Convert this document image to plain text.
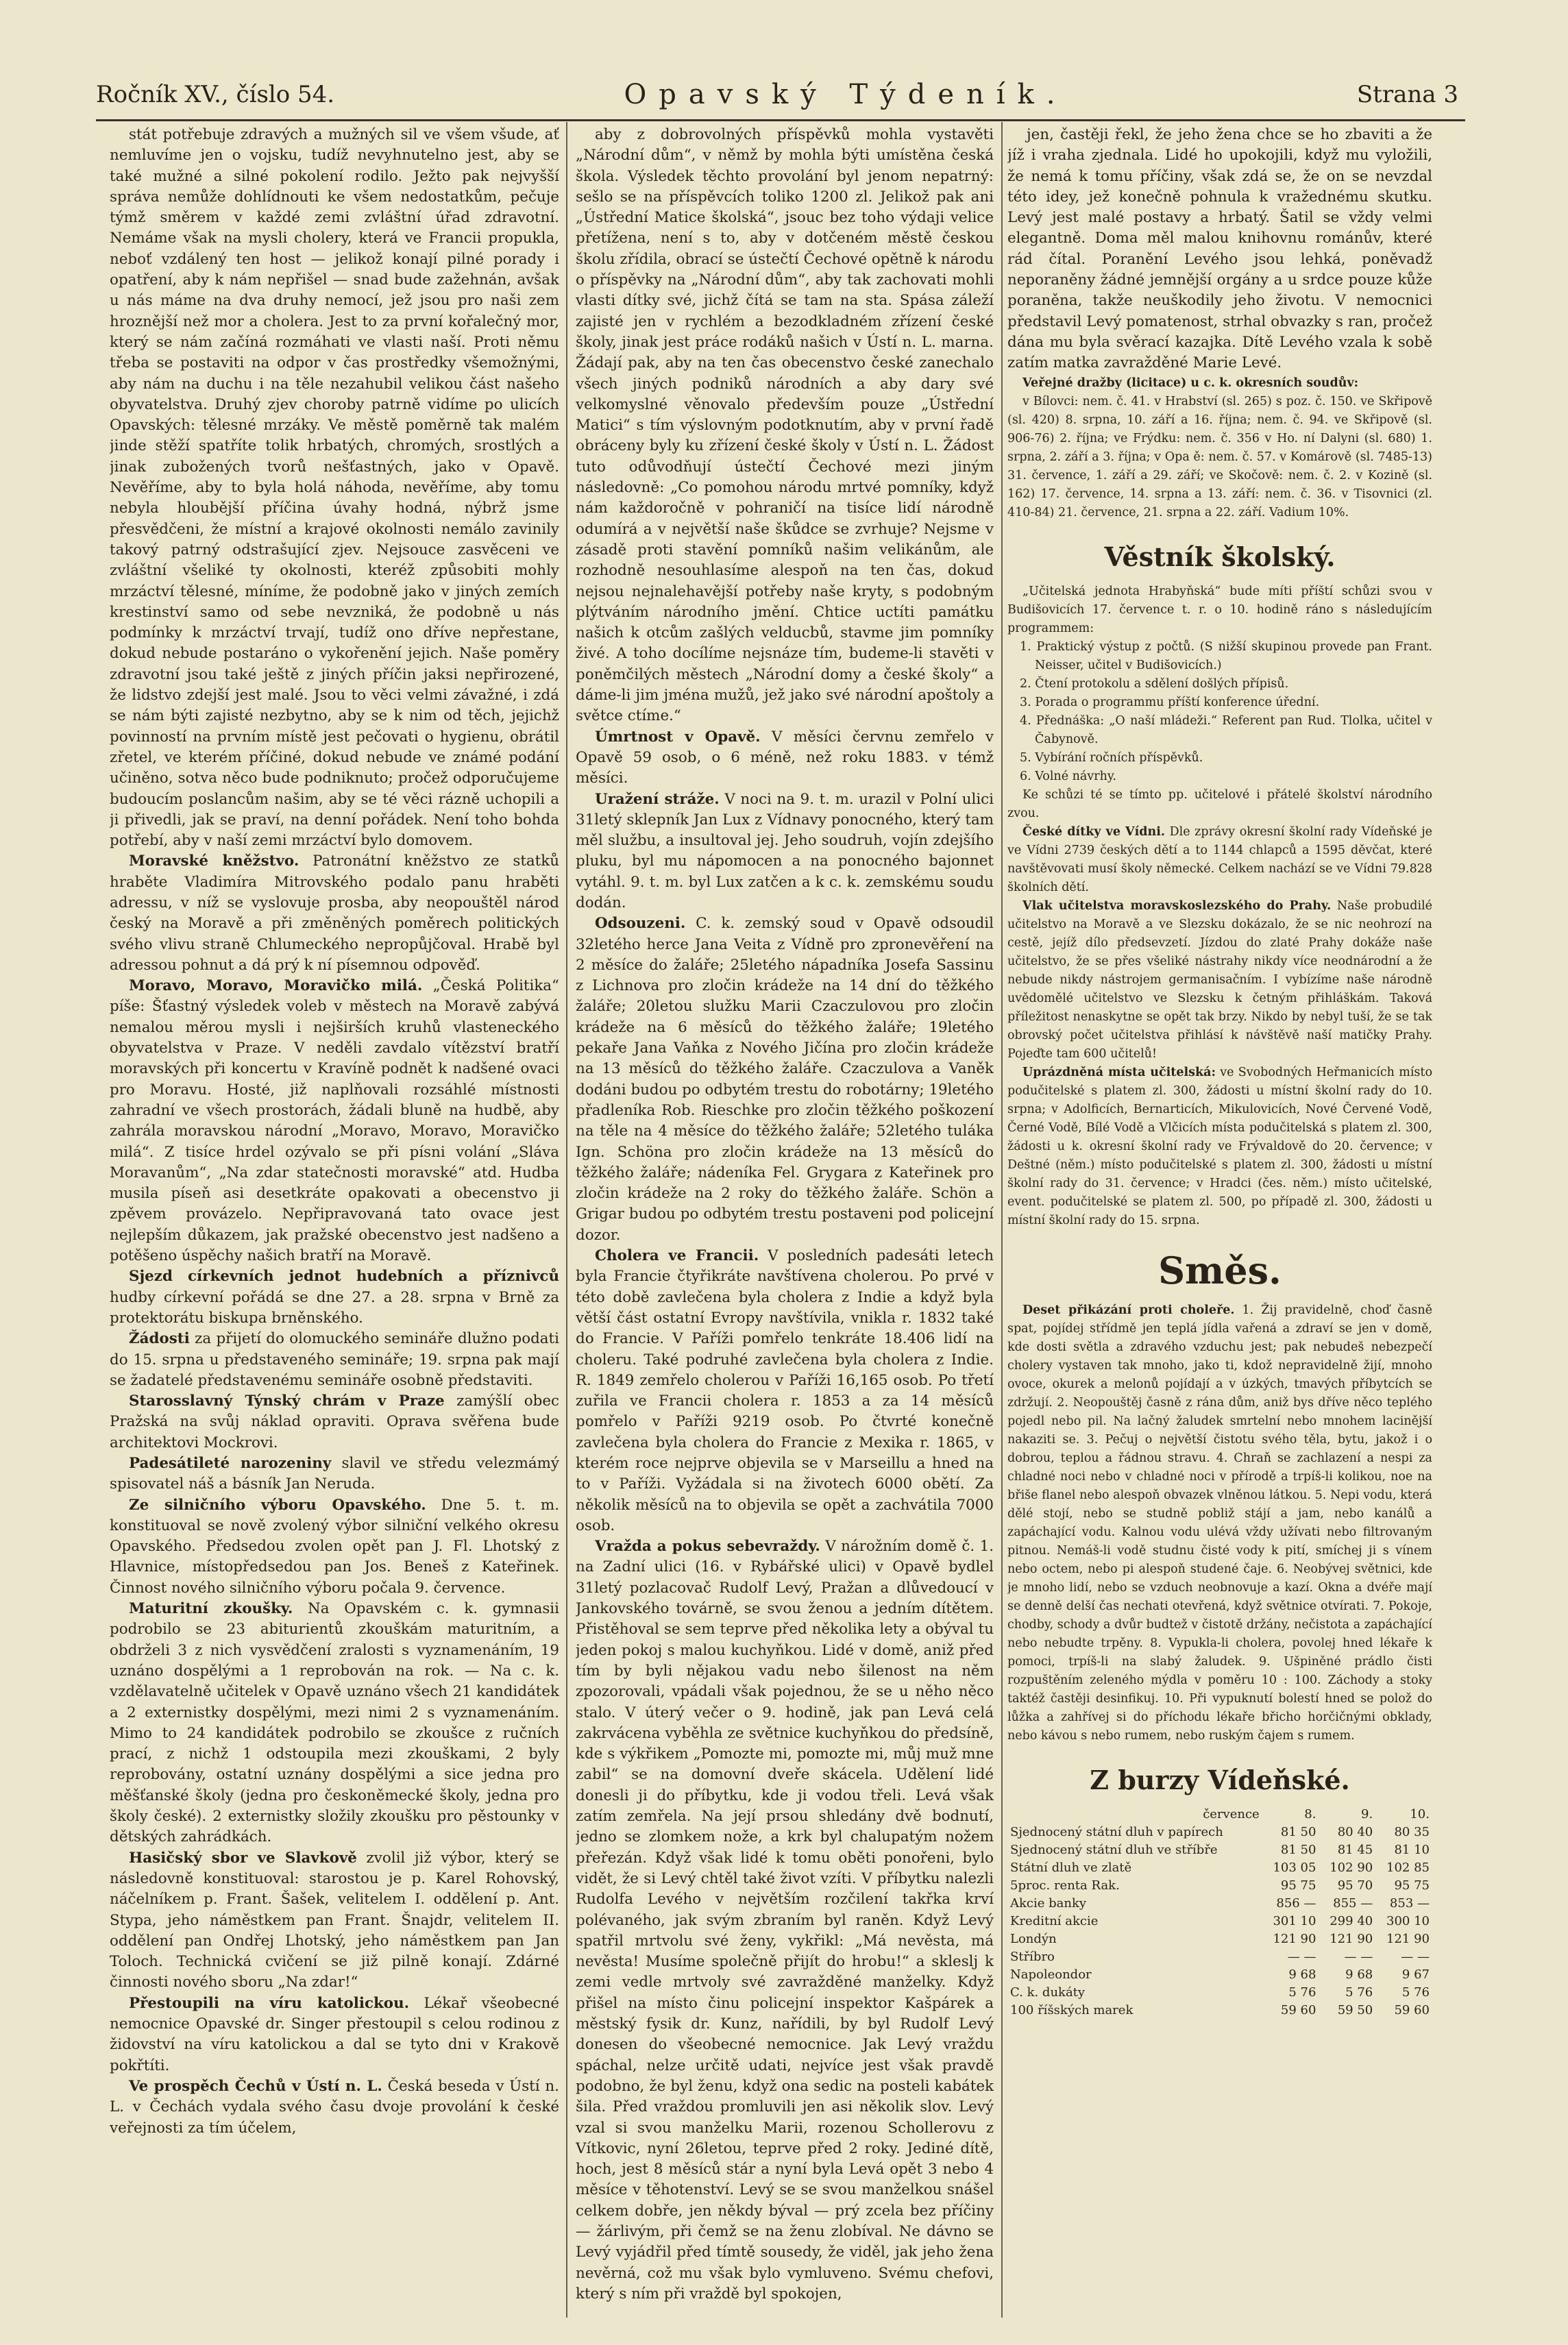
Ročník XV., číslo 54.	Opavský Týdeník.	Strana 3

stát potřebuje zdravých a mužných sil ve všem všude, ať nemluvíme jen o vojsku, tudíž nevyhnutelno jest, aby se také mužné a silné pokolení rodilo. Ježto pak nejvyšší správa nemůže dohlídnouti ke všem nedostatkům, pečuje týmž směrem v každé zemi zvláštní úřad zdravotní. Nemáme však na mysli cholery, která ve Francii propukla, neboť vzdálený ten host — jelikož konají pilné porady i opatření, aby k nám nepřišel — snad bude zažehnán, avšak u nás máme na dva druhy nemocí, jež jsou pro naši zem hroznější než mor a cholera. Jest to za první kořalečný mor, který se nám začíná rozmáhati ve vlasti naší. Proti němu třeba se postaviti na odpor v čas prostředky všemožnými, aby nám na duchu i na těle nezahubil velikou část našeho obyvatelstva. Druhý zjev choroby patrně vidíme po ulicích Opavských: tělesné mrzáky. Ve městě poměrně tak malém jinde stěží spatříte tolik hrbatých, chromých, srostlých a jinak zubožených tvorů nešťastných, jako v Opavě. Nevěříme, aby to byla holá náhoda, nevěříme, aby tomu nebyla hloubější příčina úvahy hodná, nýbrž jsme přesvědčeni, že místní a krajové okolnosti nemálo zavinily takový patrný odstrašující zjev. Nejsouce zasvěceni ve zvláštní všeliké ty okolnosti, kteréž způsobiti mohly mrzáctví tělesné, míníme, že podobně jako v jiných zemích krestinství samo od sebe nevzniká, že podobně u nás podmínky k mrzáctví trvají, tudíž ono dříve nepřestane, dokud nebude postaráno o vykořenění jejich. Naše poměry zdravotní jsou také ještě z jiných příčin jaksi nepřirozené, že lidstvo zdejší jest malé. Jsou to věci velmi závažné, i zdá se nám býti zajisté nezbytno, aby se k nim od těch, jejichž povinností na prvním místě jest pečovati o hygienu, obrátil zřetel, ve kterém příčiné, dokud nebude ve známé podání učiněno, sotva něco bude podniknuto; pročež odporučujeme budoucím poslancům našim, aby se té věci rázně uchopili a ji přivedli, jak se praví, na denní pořádek. Není toho bohda potřebí, aby v naší zemi mrzáctví bylo domovem.

Moravské kněžstvo. Patronátní kněžstvo ze statků hraběte Vladimíra Mitrovského podalo panu hraběti adressu, v níž se vyslovuje prosba, aby neopouštěl národ český na Moravě a při změněných poměrech politických svého vlivu straně Chlumeckého nepropůjčoval. Hrabě byl adressou pohnut a dá prý k ní písemnou odpověď.

Moravo, Moravo, Moravičko milá. „Česká Politika“ píše: Šťastný výsledek voleb v městech na Moravě zabývá nemalou měrou mysli i nejširších kruhů vlasteneckého obyvatelstva v Praze. V neděli zavdalo vítězství bratří moravských při koncertu v Kravíně podnět k nadšené ovaci pro Moravu. Hosté, již naplňovali rozsáhlé místnosti zahradní ve všech prostorách, žádali bluně na hudbě, aby zahrála moravskou národní „Moravo, Moravo, Moravičko milá“. Z tisíce hrdel ozývalo se při písni volání „Sláva Moravanům“, „Na zdar statečnosti moravské“ atd. Hudba musila píseň asi desetkráte opakovati a obecenstvo ji zpěvem provázelo. Nepřipravovaná tato ovace jest nejlepším důkazem, jak pražské obecenstvo jest nadšeno a potěšeno úspěchy našich bratří na Moravě.

Sjezd církevních jednot hudebních a příznivců hudby církevní pořádá se dne 27. a 28. srpna v Brně za protektorátu biskupa brněnského.

Žádosti za přijetí do olomuckého semináře dlužno podati do 15. srpna u představeného semináře; 19. srpna pak mají se žadatelé představenému semináře osobně představiti.

Starosslavný Týnský chrám v Praze zamýšlí obec Pražská na svůj náklad opraviti. Oprava svěřena bude architektovi Mockrovi.

Padesátileté narozeniny slavil ve středu velezmámý spisovatel náš a básník Jan Neruda.

Ze silničního výboru Opavského. Dne 5. t. m. konstituoval se nově zvolený výbor silniční velkého okresu Opavského. Předsedou zvolen opět pan J. Fl. Lhotský z Hlavnice, místopředsedou pan Jos. Beneš z Kateřinek. Činnost nového silničního výboru počala 9. července.

Maturitní zkoušky. Na Opavském c. k. gymnasii podrobilo se 23 abiturientů zkouškám maturitním, a obdrželi 3 z nich vysvědčení zralosti s vyznamenáním, 19 uznáno dospělými a 1 reprobován na rok. — Na c. k. vzdělavatelně učitelek v Opavě uznáno všech 21 kandidátek a 2 externistky dospělými, mezi nimi 2 s vyznamenáním. Mimo to 24 kandidátek podrobilo se zkoušce z ručních prací, z nichž 1 odstoupila mezi zkouškami, 2 byly reprobovány, ostatní uznány dospělými a sice jedna pro měšťanské školy (jedna pro českoněmecké školy, jedna pro školy české). 2 externistky složily zkoušku pro pěstounky v dětských zahrádkách.

Hasičský sbor ve Slavkově zvolil již výbor, který se následovně konstituoval: starostou je p. Karel Rohovský, náčelníkem p. Frant. Šašek, velitelem I. oddělení p. Ant. Stypa, jeho náměstkem pan Frant. Šnajdr, velitelem II. oddělení pan Ondřej Lhotský, jeho náměstkem pan Jan Toloch. Technická cvičení se již pilně konají. Zdárné činnosti nového sboru „Na zdar!“

Přestoupili na víru katolickou. Lékař všeobecné nemocnice Opavské dr. Singer přestoupil s celou rodinou z židovství na víru katolickou a dal se tyto dni v Krakově pokřtíti.

Ve prospěch Čechů v Ústí n. L. Česká beseda v Ústí n. L. v Čechách vydala svého času dvoje provolání k české veřejnosti za tím účelem,

aby z dobrovolných příspěvků mohla vystavěti „Národní dům“, v němž by mohla býti umístěna česká škola. Výsledek těchto provolání byl jenom nepatrný: sešlo se na příspěvcích toliko 1200 zl. Jelikož pak ani „Ústřední Matice školská“, jsouc bez toho výdaji velice přetížena, není s to, aby v dotčeném městě českou školu zřídila, obrací se ústečtí Čechové opětně k národu o příspěvky na „Národní dům“, aby tak zachovati mohli vlasti dítky své, jichž čítá se tam na sta. Spása záleží zajisté jen v rychlém a bezodkladném zřízení české školy, jinak jest práce rodáků našich v Ústí n. L. marna. Žádají pak, aby na ten čas obecenstvo české zanechalo všech jiných podniků národních a aby dary své velkomyslné věnovalo především pouze „Ústřední Matici“ s tím výslovným podotknutím, aby v první řadě obráceny byly ku zřízení české školy v Ústí n. L. Žádost tuto odůvodňují ústečtí Čechové mezi jiným následovně: „Co pomohou národu mrtvé pomníky, když nám každoročně v pohraničí na tisíce lidí národně odumírá a v největší naše škůdce se zvrhuje? Nejsme v zásadě proti stavění pomníků našim velikánům, ale rozhodně nesouhlasíme alespoň na ten čas, dokud nejsou nejnalehavější potřeby naše kryty, s podobným plýtváním národního jmění. Chtice uctíti památku našich k otcům zašlých velducbů, stavme jim pomníky živé. A toho docílíme nejsnáze tím, budeme-li stavěti v poněmčilých městech „Národní domy a české školy“ a dáme-li jim jména mužů, jež jako své národní apoštoly a světce ctíme.“

Úmrtnost v Opavě. V měsíci červnu zemřelo v Opavě 59 osob, o 6 méně, než roku 1883. v témž měsíci.

Uražení stráže. V noci na 9. t. m. urazil v Polní ulici 31letý sklepník Jan Lux z Vídnavy ponocného, který tam měl službu, a insultoval jej. Jeho soudruh, vojín zdejšího pluku, byl mu nápomocen a na ponocného bajonnet vytáhl. 9. t. m. byl Lux zatčen a k c. k. zemskému soudu dodán.

Odsouzeni. C. k. zemský soud v Opavě odsoudil 32letého herce Jana Veita z Vídně pro zpronevěření na 2 měsíce do žaláře; 25letého nápadníka Josefa Sassinu z Lichnova pro zločin krádeže na 14 dní do těžkého žaláře; 20letou služku Marii Czaczulovou pro zločin krádeže na 6 měsíců do těžkého žaláře; 19letého pekaře Jana Vaňka z Nového Jičína pro zločin krádeže na 13 měsíců do těžkého žaláře. Czaczulova a Vaněk dodáni budou po odbytém trestu do robotárny; 19letého přadleníka Rob. Rieschke pro zločin těžkého poškození na těle na 4 měsíce do těžkého žaláře; 52letého tuláka Ign. Schöna pro zločin krádeže na 13 měsíců do těžkého žaláře; nádeníka Fel. Grygara z Kateřinek pro zločin krádeže na 2 roky do těžkého žaláře. Schön a Grigar budou po odbytém trestu postaveni pod policejní dozor.

Cholera ve Francii. V posledních padesáti letech byla Francie čtyřikráte navštívena cholerou. Po prvé v této době zavlečena byla cholera z Indie a když byla větší část ostatní Evropy navštívila, vnikla r. 1832 také do Francie. V Paříži pomřelo tenkráte 18.406 lidí na choleru. Také podruhé zavlečena byla cholera z Indie. R. 1849 zemřelo cholerou v Paříži 16,165 osob. Po třetí zuřila ve Francii cholera r. 1853 a za 14 měsíců pomřelo v Paříži 9219 osob. Po čtvrté konečně zavlečena byla cholera do Francie z Mexika r. 1865, v kterém roce nejprve objevila se v Marseillu a hned na to v Paříži. Vyžádala si na životech 6000 obětí. Za několik měsíců na to objevila se opět a zachvátila 7000 osob.

Vražda a pokus sebevraždy. V nárožním domě č. 1. na Zadní ulici (16. v Rybářské ulici) v Opavě bydlel 31letý pozlacovač Rudolf Levý, Pražan a dlůvedoucí v Jankovského továrně, se svou ženou a jedním dítětem. Přistěhoval se sem teprve před několika lety a obýval tu jeden pokoj s malou kuchyňkou. Lidé v domě, aniž před tím by byli nějakou vadu nebo šilenost na něm zpozorovali, vpádali však pojednou, že se u něho něco stalo. V úterý večer o 9. hodině, jak pan Levá celá zakrvácena vyběhla ze světnice kuchyňkou do předsíně, kde s výkřikem „Pomozte mi, pomozte mi, můj muž mne zabil“ se na domovní dveře skácela. Udělení lidé donesli ji do příbytku, kde ji vodou třeli. Levá však zatím zemřela. Na její prsou shledány dvě bodnutí, jedno se zlomkem nože, a krk byl chalupatým nožem přeřezán. Když však lidé k tomu oběti ponořeni, bylo vidět, že si Levý chtěl také život vzíti. V příbytku nalezli Rudolfa Levého v největším rozčilení takřka krví polévaného, jak svým zbraním byl raněn. Když Levý spatřil mrtvolu své ženy, vykřikl: „Má nevěsta, má nevěsta! Musíme společně přijít do hrobu!“ a skleslj k zemi vedle mrtvoly své zavražděné manželky. Když přišel na místo činu policejní inspektor Kašpárek a městský fysik dr. Kunz, nařídili, by byl Rudolf Levý donesen do všeobecné nemocnice. Jak Levý vraždu spáchal, nelze určitě udati, nejvíce jest však pravdě podobno, že byl ženu, když ona sedic na posteli kabátek šila. Před vraždou promluvili jen asi několik slov. Levý vzal si svou manželku Marii, rozenou Schollerovu z Vítkovic, nyní 26letou, teprve před 2 roky. Jediné dítě, hoch, jest 8 měsíců stár a nyní byla Levá opět 3 nebo 4 měsíce v těhotenství. Levý se se svou manželkou snášel celkem dobře, jen někdy býval — prý zcela bez příčiny — žárlivým, při čemž se na ženu zlobíval. Ne dávno se Levý vyjádřil před tímtě sousedy, že viděl, jak jeho žena nevěrná, což mu však bylo vymluveno. Svému chefovi, který s ním při vraždě byl spokojen,

jen, častěji řekl, že jeho žena chce se ho zbaviti a že jíž i vraha zjednala. Lidé ho upokojili, když mu vyložili, že nemá k tomu příčiny, však zdá se, že on se nevzdal této idey, jež konečně pohnula k vražednému skutku. Levý jest malé postavy a hrbatý. Šatil se vždy velmi elegantně. Doma měl malou knihovnu románův, které rád čítal. Poranění Levého jsou lehká, poněvadž neporaněny žádné jemnější orgány a u srdce pouze kůže poraněna, takže neuškodily jeho životu. V nemocnici představil Levý pomatenost, strhal obvazky s ran, pročež dána mu byla svěrací kazajka. Dítě Levého vzala k sobě zatím matka zavražděné Marie Levé.

Veřejné dražby (licitace) u c. k. okresních soudův:

v Bílovci: nem. č. 41. v Hrabství (sl. 265) s poz. č. 150. ve Skřipově (sl. 420) 8. srpna, 10. září a 16. října; nem. č. 94. ve Skřipově (sl. 906-76) 2. října; ve Frýdku: nem. č. 356 v Ho. ní Dalyni (sl. 680) 1. srpna, 2. září a 3. října; v Opa ě: nem. č. 57. v Komárově (sl. 7485-13) 31. července, 1. září a 29. září; ve Skočově: nem. č. 2. v Kozině (sl. 162) 17. července, 14. srpna a 13. září: nem. č. 36. v Tisovnici (zl. 410-84) 21. července, 21. srpna a 22. září. Vadium 10%.

Věstník školský.

„Učitelská jednota Hrabyňská“ bude míti příští schůzi svou v Budišovicích 17. července t. r. o 10. hodině ráno s následujícím programmem:

1. Praktický výstup z počtů. (S nižší skupinou provede pan Frant. Neisser, učitel v Budišovicích.)
2. Čtení protokolu a sdělení došlých přípisů.
3. Porada o programmu příští konference úřední.
4. Přednáška: „O naší mládeži.“ Referent pan Rud. Tlolka, učitel v Čabynově.
5. Vybírání ročních příspěvků.
6. Volné návrhy.

Ke schůzi té se tímto pp. učitelové i přátelé školství národního zvou.

České dítky ve Vídni. Dle zprávy okresní školní rady Vídeňské je ve Vídni 2739 českých dětí a to 1144 chlapců a 1595 děvčat, které navštěvovati musí školy německé. Celkem nachází se ve Vídni 79.828 školních dětí.

Vlak učitelstva moravskoslezského do Prahy. Naše probudilé učitelstvo na Moravě a ve Slezsku dokázalo, že se nic neohrozí na cestě, jejíž dílo předsevzetí. Jízdou do zlaté Prahy dokáže naše učitelstvo, že se přes všeliké nástrahy nikdy více neodnárodní a že nebude nikdy nástrojem germanisačním. I vybízíme naše národně uvědomělé učitelstvo ve Slezsku k četným přihláškám. Taková příležitost nenaskytne se opět tak brzy. Nikdo by nebyl tuší, že se tak obrovský počet učitelstva přihlásí k návštěvě naší matičky Prahy. Pojeďte tam 600 učitelů!

Uprázdněná místa učitelská: ve Svobodných Heřmanicích místo podučitelské s platem zl. 300, žádosti u místní školní rady do 10. srpna; v Adolficích, Bernarticích, Mikulovicích, Nové Červené Vodě, Černé Vodě, Bílé Vodě a Vlčicích místa podučitelská s platem zl. 300, žádosti u k. okresní školní rady ve Frývaldově do 20. července; v Deštné (něm.) místo podučitelské s platem zl. 300, žádosti u místní školní rady do 31. července; v Hradci (čes. něm.) místo učitelské, event. podučitelské se platem zl. 500, po případě zl. 300, žádosti u místní školní rady do 15. srpna.

Směs.

Deset přikázání proti choleře. 1. Žij pravidelně, choď časně spat, pojídej střídmě jen teplá jídla vařená a zdraví se jen v domě, kde dosti světla a zdravého vzduchu jest; pak nebudeš nebezpečí cholery vystaven tak mnoho, jako ti, kdož nepravidelně žijí, mnoho ovoce, okurek a melonů pojídají a v úzkých, tmavých příbytcích se zdržují. 2. Neopouštěj časně z rána dům, aniž bys dříve něco teplého pojedl nebo pil. Na lačný žaludek smrtelní nebo mnohem lacinější nakaziti se. 3. Pečuj o největší čistotu svého těla, bytu, jakož i o dobrou, teplou a řádnou stravu. 4. Chraň se zachlazení a nespi za chladné noci nebo v chladné noci v přírodě a trpíš-li kolikou, noe na břiše flanel nebo alespoň obvazek vlněnou látkou. 5. Nepi vodu, která dělé stojí, nebo se studně pobliž stájí a jam, nebo kanálů a zapáchající vodu. Kalnou vodu ulévá vždy užívati nebo filtrovaným pitnou. Nemáš-li vodě studnu čisté vody k pití, smíchej ji s vínem nebo octem, nebo pi alespoň studené čaje. 6. Neobývej světnici, kde je mnoho lidí, nebo se vzduch neobnovuje a kazí. Okna a dvéře mají se denně delší čas nechati otevřená, když světnice otvírati. 7. Pokoje, chodby, schody a dvůr budtež v čistotě držány, nečistota a zapáchající nebo nebudte trpěny. 8. Vypukla-li cholera, povolej hned lékaře k pomoci, trpíš-li na slabý žaludek. 9. Ušpiněné prádlo čisti rozpuštěním zeleného mýdla v poměru 10 : 100. Záchody a stoky taktéž častěji desinfikuj. 10. Při vypuknutí bolestí hned se polož do lůžka a zahřívej si do příchodu lékaře břicho horčičnými obklady, nebo kávou s nebo rumem, nebo ruským čajem s rumem.

Z burzy Vídeňské.
července	8.	9.	10.
Sjednocený státní dluh v papírech	81 50	80 40	80 35
Sjednocený státní dluh ve stříbře	81 50	81 45	81 10
Státní dluh ve zlatě	103 05	102 90	102 85
5proc. renta Rak.	95 75	95 70	95 75
Akcie banky	856 —	855 —	853 —
Kreditní akcie	301 10	299 40	300 10
Londýn	121 90	121 90	121 90
Stříbro	— —	— —	— —
Napoleondor	9 68	9 68	9 67
C. k. dukáty	5 76	5 76	5 76
100 říšských marek	59 60	59 50	59 60
